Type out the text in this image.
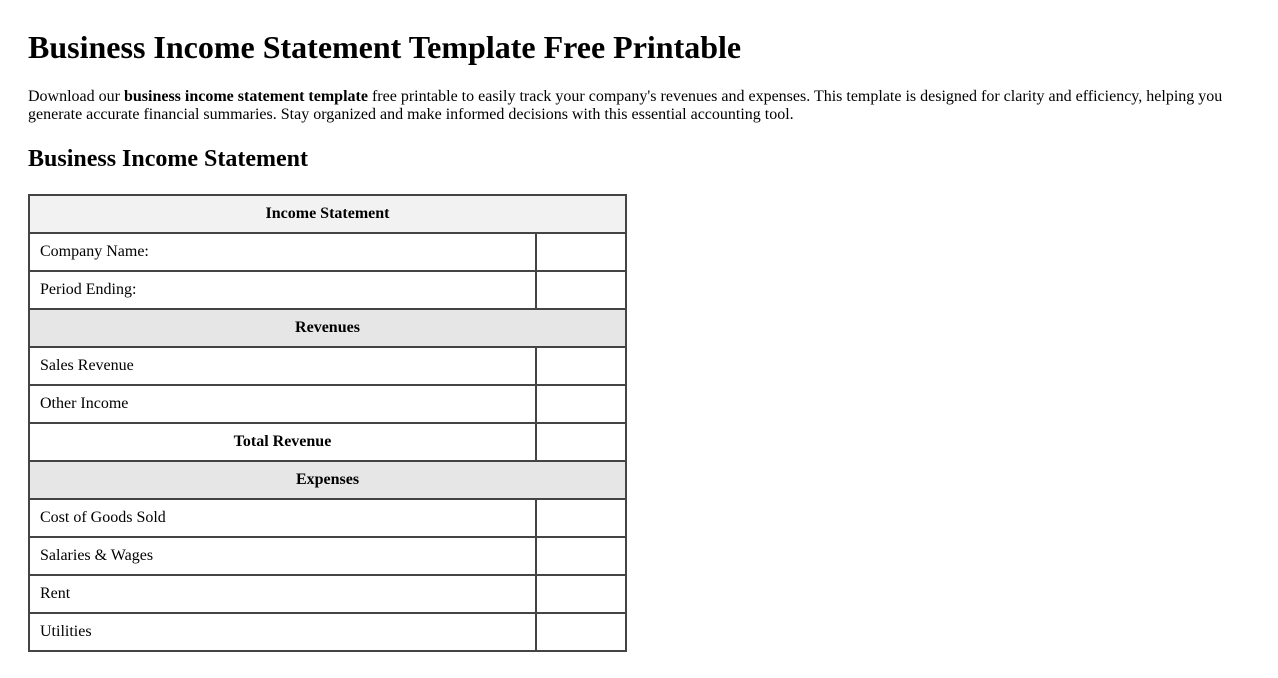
Business Income Statement Template Free Printable

Download our business income statement template free printable to easily track your company's revenues and expenses. This template is designed for clarity and efficiency, helping you generate accurate financial summaries. Stay organized and make informed decisions with this essential accounting tool.

Business Income Statement
Income Statement	
Company Name:	
Period Ending:	
Revenues	
Sales Revenue	
Other Income	
Total Revenue	
Expenses	
Cost of Goods Sold	
Salaries & Wages	
Rent	
Utilities	
